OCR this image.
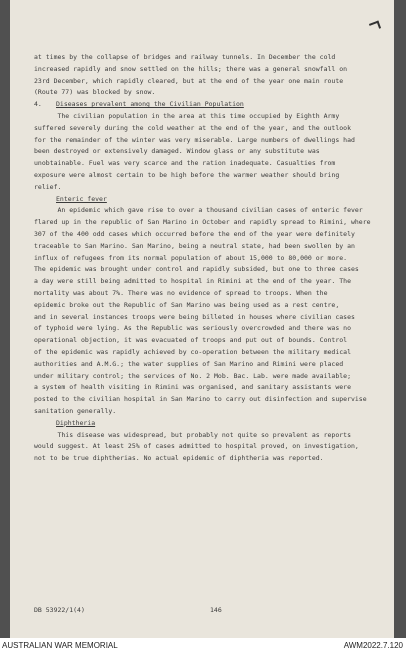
at times by the collapse of bridges and railway tunnels. In December the cold
increased rapidly and snow settled on the hills; there was a general snowfall on
23rd December, which rapidly cleared, but at the end of the year one main route
(Route 77) was blocked by snow.
4. Diseases prevalent among the Civilian Population
The civilian population in the area at this time occupied by Eighth Army
suffered severely during the cold weather at the end of the year, and the outlook
for the remainder of the winter was very miserable. Large numbers of dwellings had
been destroyed or extensively damaged. Window glass or any substitute was
unobtainable. Fuel was very scarce and the ration inadequate. Casualties from
exposure were almost certain to be high before the warmer weather should bring
relief.
Enteric fever
An epidemic which gave rise to over a thousand civilian cases of enteric fever
flared up in the republic of San Marino in October and rapidly spread to Rimini, where
307 of the 400 odd cases which occurred before the end of the year were definitely
traceable to San Marino. San Marino, being a neutral state, had been swollen by an
influx of refugees from its normal population of about 15,000 to 80,000 or more.
The epidemic was brought under control and rapidly subsided, but one to three cases
a day were still being admitted to hospital in Rimini at the end of the year. The
mortality was about 7%. There was no evidence of spread to troops. When the
epidemic broke out the Republic of San Marino was being used as a rest centre,
and in several instances troops were being billeted in houses where civilian cases
of typhoid were lying. As the Republic was seriously overcrowded and there was no
operational objection, it was evacuated of troops and put out of bounds. Control
of the epidemic was rapidly achieved by co-operation between the military medical
authorities and A.M.G.; the water supplies of San Marino and Rimini were placed
under military control; the services of No. 2 Mob. Bac. Lab. were made available;
a system of health visiting in Rimini was organised, and sanitary assistants were
posted to the civilian hospital in San Marino to carry out disinfection and supervise
sanitation generally.
Diphtheria
This disease was widespread, but probably not quite so prevalent as reports
would suggest. At least 25% of cases admitted to hospital proved, on investigation,
not to be true diphtherias. No actual epidemic of diphtheria was reported.
DB 53922/1(4)	146
AUSTRALIAN WAR MEMORIAL	AWM2022.7.120
